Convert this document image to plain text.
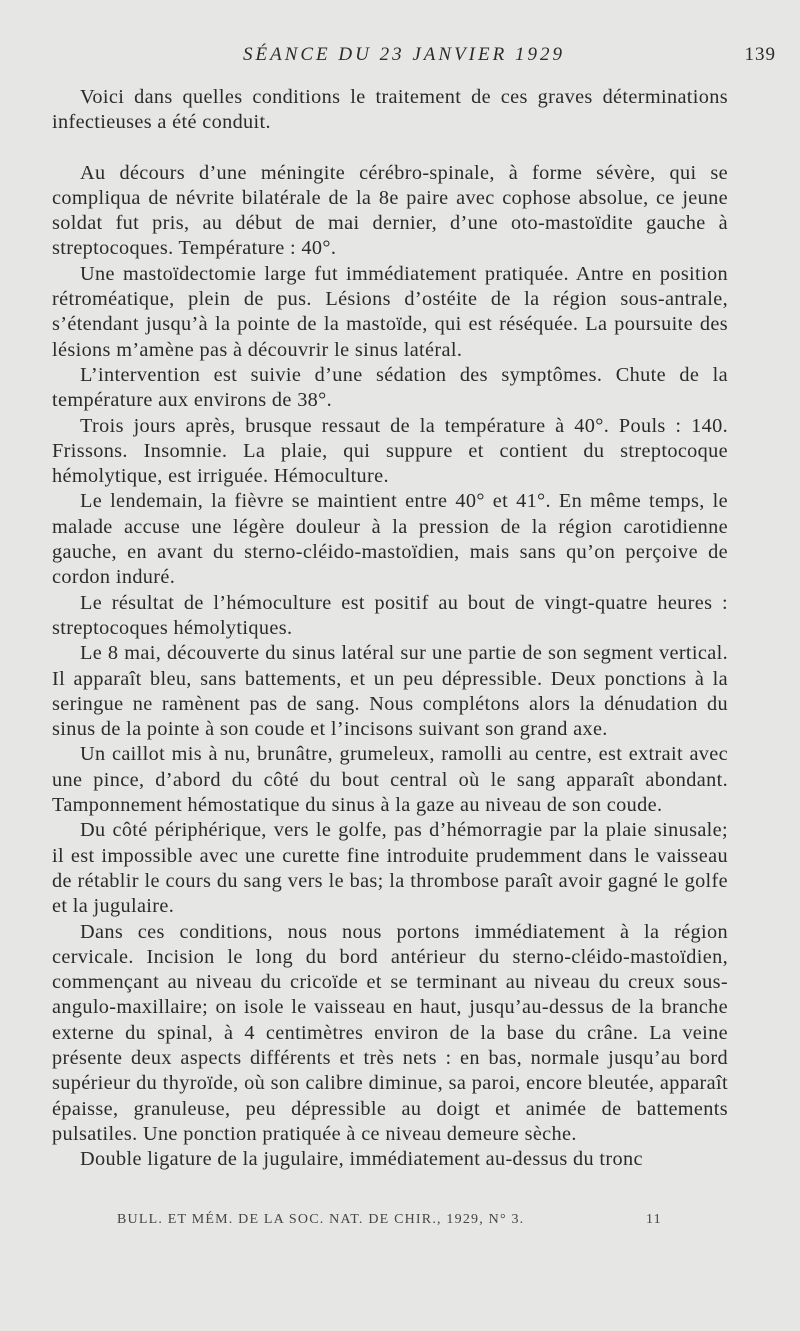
SÉANCE DU 23 JANVIER 1929	139

Voici dans quelles conditions le traitement de ces graves déterminations infectieuses a été conduit.

Au décours d’une méningite cérébro-spinale, à forme sévère, qui se compliqua de névrite bilatérale de la 8e paire avec cophose absolue, ce jeune soldat fut pris, au début de mai dernier, d’une oto-mastoïdite gauche à streptocoques. Température : 40°.

Une mastoïdectomie large fut immédiatement pratiquée. Antre en position rétroméatique, plein de pus. Lésions d’ostéite de la région sous-antrale, s’étendant jusqu’à la pointe de la mastoïde, qui est réséquée. La poursuite des lésions m’amène pas à découvrir le sinus latéral.

L’intervention est suivie d’une sédation des symptômes. Chute de la température aux environs de 38°.

Trois jours après, brusque ressaut de la température à 40°. Pouls : 140. Frissons. Insomnie. La plaie, qui suppure et contient du streptocoque hémolytique, est irriguée. Hémoculture.

Le lendemain, la fièvre se maintient entre 40° et 41°. En même temps, le malade accuse une légère douleur à la pression de la région carotidienne gauche, en avant du sterno-cléido-mastoïdien, mais sans qu’on perçoive de cordon induré.

Le résultat de l’hémoculture est positif au bout de vingt-quatre heures : streptocoques hémolytiques.

Le 8 mai, découverte du sinus latéral sur une partie de son segment vertical. Il apparaît bleu, sans battements, et un peu dépressible. Deux ponctions à la seringue ne ramènent pas de sang. Nous complétons alors la dénudation du sinus de la pointe à son coude et l’incisons suivant son grand axe.

Un caillot mis à nu, brunâtre, grumeleux, ramolli au centre, est extrait avec une pince, d’abord du côté du bout central où le sang apparaît abondant. Tamponnement hémostatique du sinus à la gaze au niveau de son coude.

Du côté périphérique, vers le golfe, pas d’hémorragie par la plaie sinusale; il est impossible avec une curette fine introduite prudemment dans le vaisseau de rétablir le cours du sang vers le bas; la thrombose paraît avoir gagné le golfe et la jugulaire.

Dans ces conditions, nous nous portons immédiatement à la région cervicale. Incision le long du bord antérieur du sterno-cléido-mastoïdien, commençant au niveau du cricoïde et se terminant au niveau du creux sous-angulo-maxillaire; on isole le vaisseau en haut, jusqu’au-dessus de la branche externe du spinal, à 4 centimètres environ de la base du crâne. La veine présente deux aspects différents et très nets : en bas, normale jusqu’au bord supérieur du thyroïde, où son calibre diminue, sa paroi, encore bleutée, apparaît épaisse, granuleuse, peu dépressible au doigt et animée de battements pulsatiles. Une ponction pratiquée à ce niveau demeure sèche.

Double ligature de la jugulaire, immédiatement au-dessus du tronc

BULL. ET MÉM. DE LA SOC. NAT. DE CHIR., 1929, N° 3.	11
